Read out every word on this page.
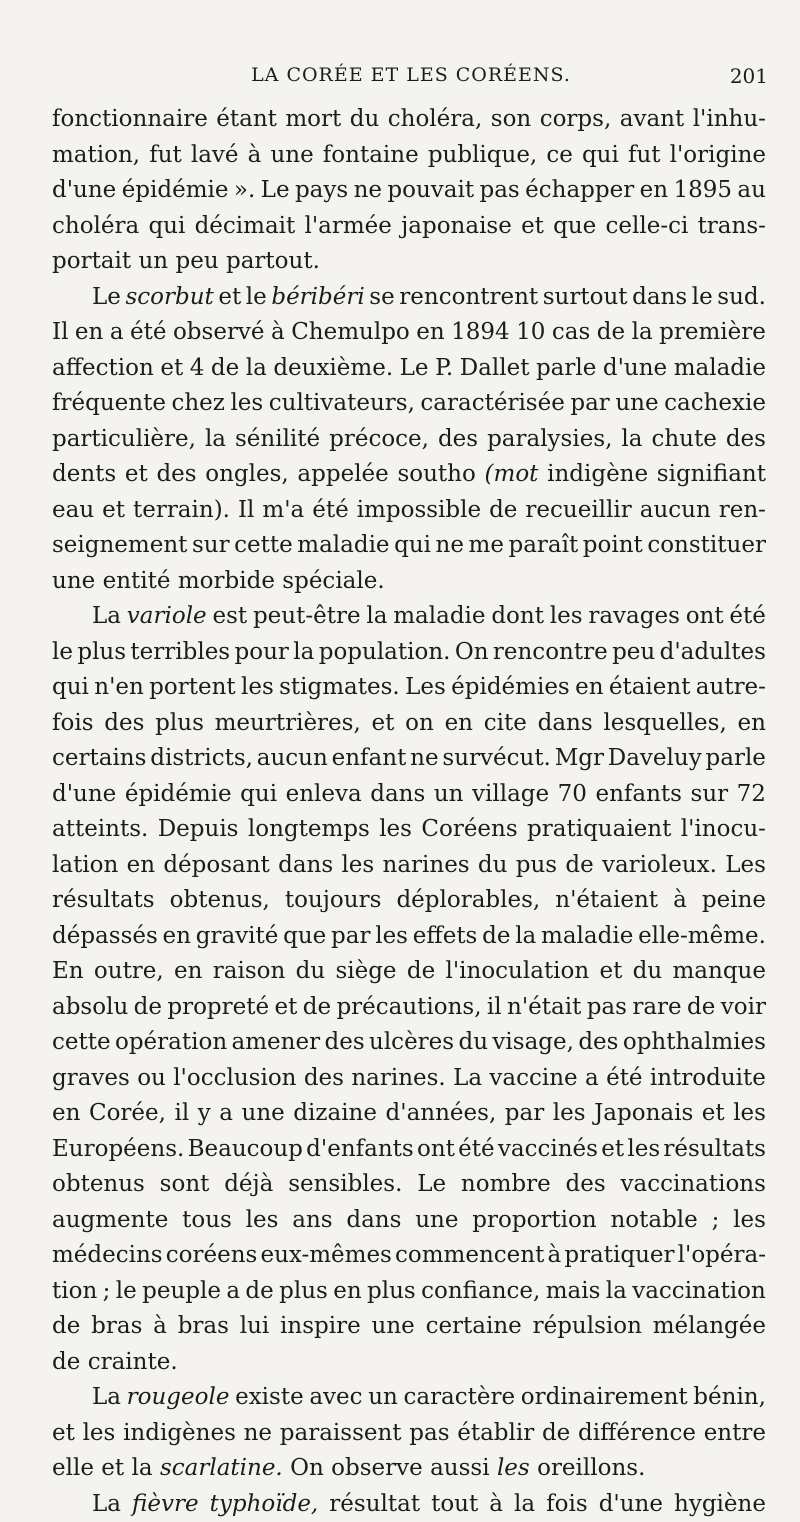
LA CORÉE ET LES CORÉENS.	201
fonctionnaire étant mort du choléra, son corps, avant l'inhu-
mation, fut lavé à une fontaine publique, ce qui fut l'origine
d'une épidémie ». Le pays ne pouvait pas échapper en 1895 au
choléra qui décimait l'armée japonaise et que celle-ci trans-
portait un peu partout.
Le scorbut et le béribéri se rencontrent surtout dans le sud.
Il en a été observé à Chemulpo en 1894 10 cas de la première
affection et 4 de la deuxième. Le P. Dallet parle d'une maladie
fréquente chez les cultivateurs, caractérisée par une cachexie
particulière, la sénilité précoce, des paralysies, la chute des
dents et des ongles, appelée southo (mot indigène signifiant
eau et terrain). Il m'a été impossible de recueillir aucun ren-
seignement sur cette maladie qui ne me paraît point constituer
une entité morbide spéciale.
La variole est peut-être la maladie dont les ravages ont été
le plus terribles pour la population. On rencontre peu d'adultes
qui n'en portent les stigmates. Les épidémies en étaient autre-
fois des plus meurtrières, et on en cite dans lesquelles, en
certains districts, aucun enfant ne survécut. Mgr Daveluy parle
d'une épidémie qui enleva dans un village 70 enfants sur 72
atteints. Depuis longtemps les Coréens pratiquaient l'inocu-
lation en déposant dans les narines du pus de varioleux. Les
résultats obtenus, toujours déplorables, n'étaient à peine
dépassés en gravité que par les effets de la maladie elle-même.
En outre, en raison du siège de l'inoculation et du manque
absolu de propreté et de précautions, il n'était pas rare de voir
cette opération amener des ulcères du visage, des ophthalmies
graves ou l'occlusion des narines. La vaccine a été introduite
en Corée, il y a une dizaine d'années, par les Japonais et les
Européens. Beaucoup d'enfants ont été vaccinés et les résultats
obtenus sont déjà sensibles. Le nombre des vaccinations
augmente tous les ans dans une proportion notable ; les
médecins coréens eux-mêmes commencent à pratiquer l'opéra-
tion ; le peuple a de plus en plus confiance, mais la vaccination
de bras à bras lui inspire une certaine répulsion mélangée
de crainte.
La rougeole existe avec un caractère ordinairement bénin,
et les indigènes ne paraissent pas établir de différence entre
elle et la scarlatine. On observe aussi les oreillons.
La fièvre typhoïde, résultat tout à la fois d'une hygiène
